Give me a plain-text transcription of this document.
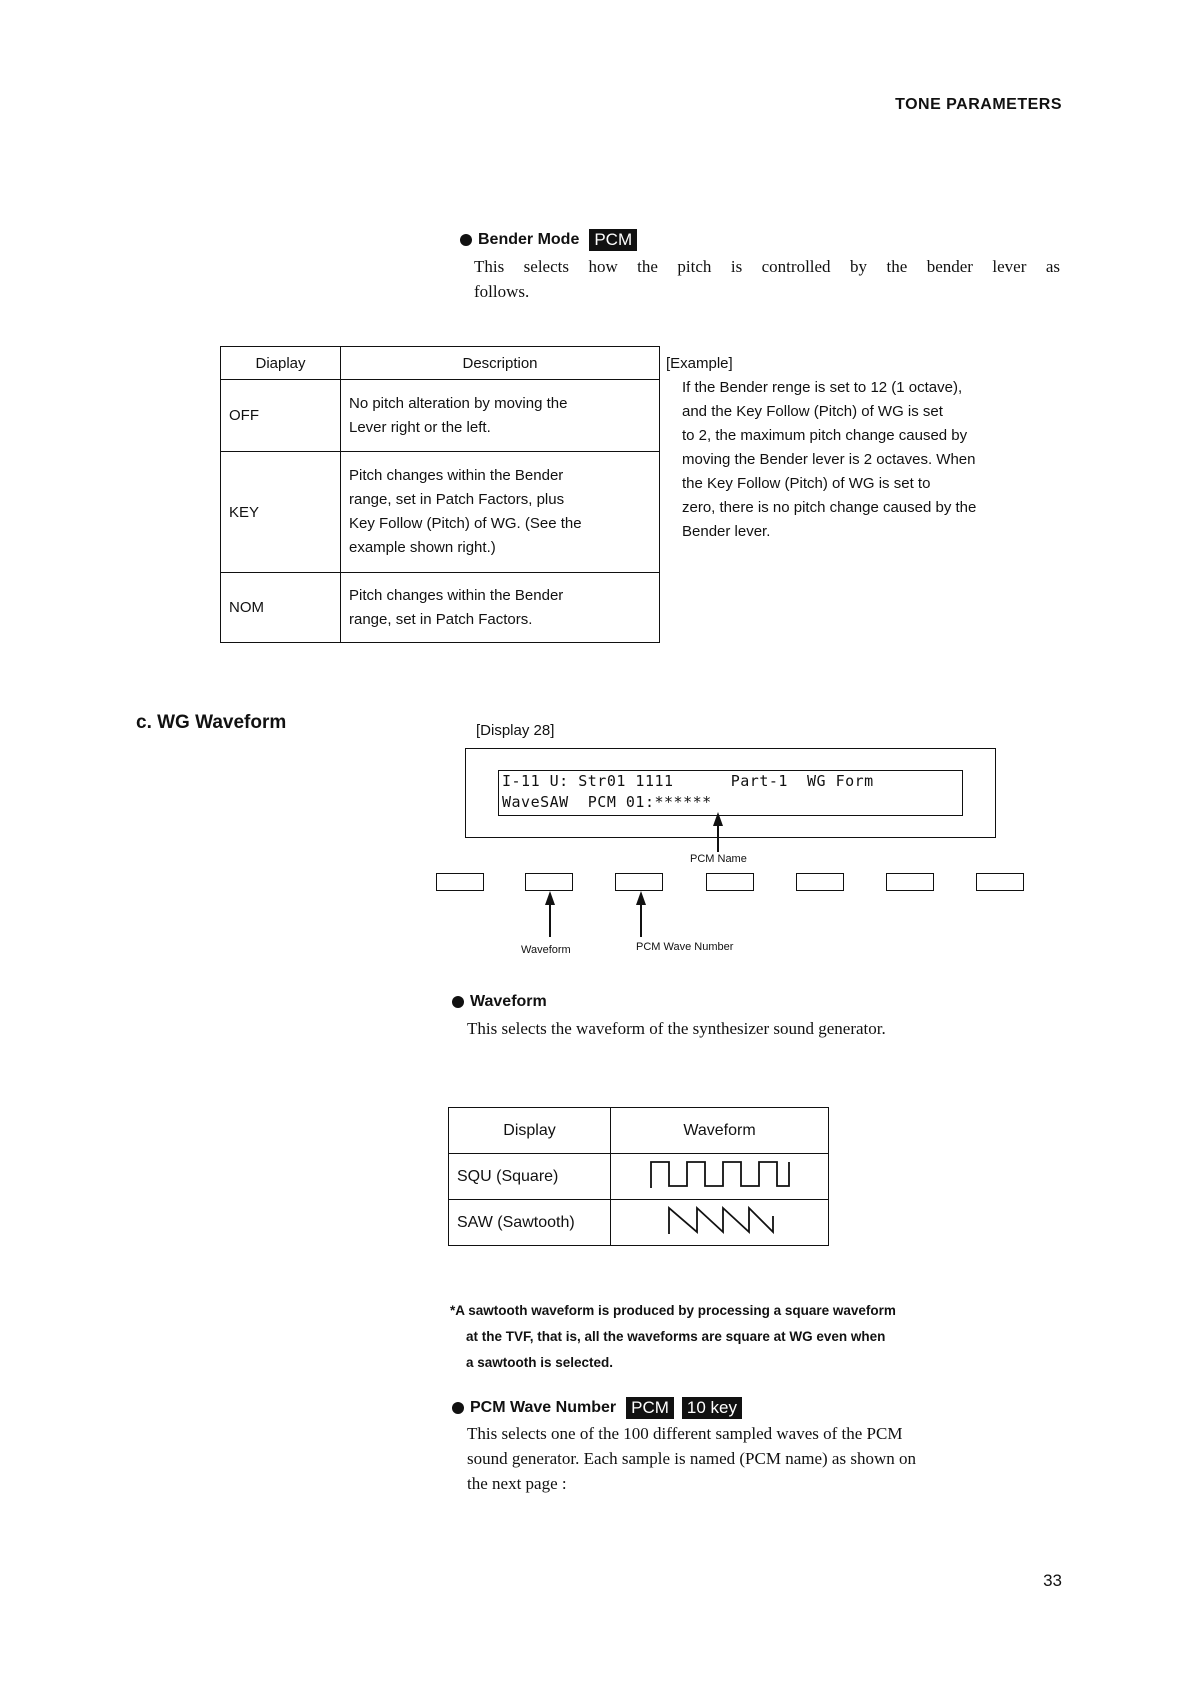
TONE PARAMETERS
Bender Mode PCM
This selects how the pitch is controlled by the bender lever as
follows.
Diaplay	Description
OFF	No pitch alteration by moving the
Lever right or the left.

KEY	Pitch changes within the Bender
range, set in Patch Factors, plus
Key Follow (Pitch) of WG. (See the
example shown right.)

NOM	Pitch changes within the Bender
range, set in Patch Factors.
[Example]
If the Bender renge is set to 12 (1 octave),
and the Key Follow (Pitch) of WG is set
to 2, the maximum pitch change caused by
moving the Bender lever is 2 octaves. When
the Key Follow (Pitch) of WG is set to
zero, there is no pitch change caused by the
Bender lever.
c. WG Waveform	[Display 28]
I-11 U: Str01 1111      Part-1  WG Form
WaveSAW  PCM 01:******
PCM Name
Waveform	PCM Wave Number
Waveform
This selects the waveform of the synthesizer sound generator.
Display	Waveform
SQU (Square)	
SAW (Sawtooth)	
*A sawtooth waveform is produced by processing a square waveform
at the TVF, that is, all the waveforms are square at WG even when
a sawtooth is selected.
PCM Wave Number PCM 10 key
This selects one of the 100 different sampled waves of the PCM
sound generator. Each sample is named (PCM name) as shown on
the next page :
33
